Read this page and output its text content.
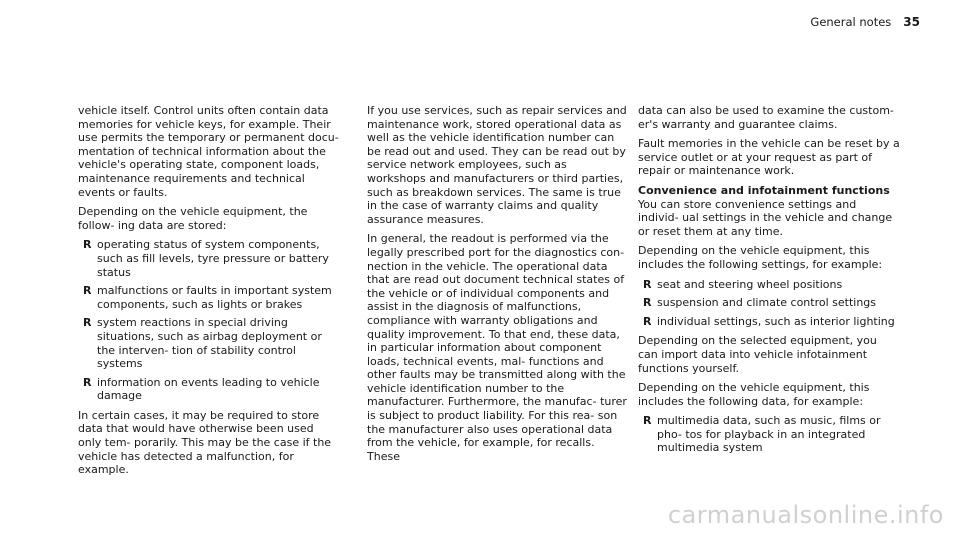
General notes 35

vehicle itself. Control units often contain data memories for vehicle keys, for example. Their use permits the temporary or permanent docu- mentation of technical information about the vehicle's operating state, component loads, maintenance requirements and technical events or faults.

Depending on the vehicle equipment, the follow- ing data are stored:

R operating status of system components, such as fill levels, tyre pressure or battery status
R malfunctions or faults in important system components, such as lights or brakes
R system reactions in special driving situations, such as airbag deployment or the interven- tion of stability control systems
R information on events leading to vehicle damage

In certain cases, it may be required to store data that would have otherwise been used only tem- porarily. This may be the case if the vehicle has detected a malfunction, for example.

If you use services, such as repair services and maintenance work, stored operational data as well as the vehicle identification number can be read out and used. They can be read out by service network employees, such as workshops and manufacturers or third parties, such as breakdown services. The same is true in the case of warranty claims and quality assurance measures.

In general, the readout is performed via the legally prescribed port for the diagnostics con- nection in the vehicle. The operational data that are read out document technical states of the vehicle or of individual components and assist in the diagnosis of malfunctions, compliance with warranty obligations and quality improvement. To that end, these data, in particular information about component loads, technical events, mal- functions and other faults may be transmitted along with the vehicle identification number to the manufacturer. Furthermore, the manufac- turer is subject to product liability. For this rea- son the manufacturer also uses operational data from the vehicle, for example, for recalls. These

data can also be used to examine the custom- er's warranty and guarantee claims.

Fault memories in the vehicle can be reset by a service outlet or at your request as part of repair or maintenance work.

Convenience and infotainment functions

You can store convenience settings and individ- ual settings in the vehicle and change or reset them at any time.

Depending on the vehicle equipment, this includes the following settings, for example:

R seat and steering wheel positions
R suspension and climate control settings
R individual settings, such as interior lighting

Depending on the selected equipment, you can import data into vehicle infotainment functions yourself.

Depending on the vehicle equipment, this includes the following data, for example:

R multimedia data, such as music, films or pho- tos for playback in an integrated multimedia system
carmanualsonline.info
